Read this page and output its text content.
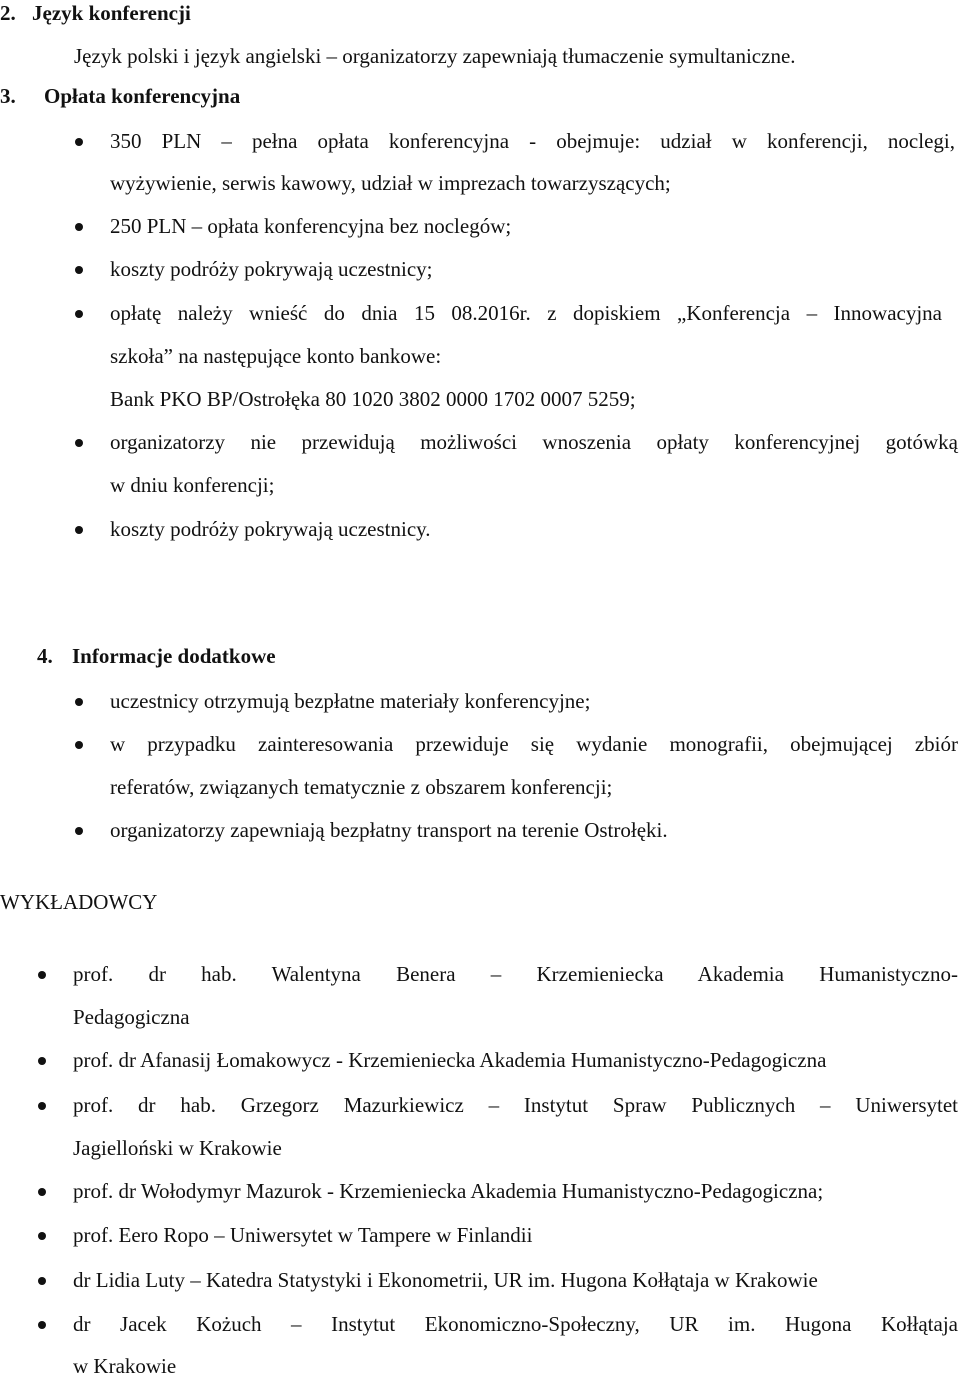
2. Język konferencji
Język polski i język angielski – organizatorzy zapewniają tłumaczenie symultaniczne.
3. Opłata konferencyjna
350 PLN – pełna opłata konferencyjna - obejmuje: udział w konferencji, noclegi,
wyżywienie, serwis kawowy, udział w imprezach towarzyszących;
250 PLN – opłata konferencyjna bez noclegów;
koszty podróży pokrywają uczestnicy;
opłatę należy wnieść do dnia 15 08.2016r. z dopiskiem „Konferencja – Innowacyjna
szkoła” na następujące konto bankowe:
Bank PKO BP/Ostrołęka 80 1020 3802 0000 1702 0007 5259;
organizatorzy nie przewidują możliwości wnoszenia opłaty konferencyjnej gotówką
w dniu konferencji;
koszty podróży pokrywają uczestnicy.
4. Informacje dodatkowe
uczestnicy otrzymują bezpłatne materiały konferencyjne;
w przypadku zainteresowania przewiduje się wydanie monografii, obejmującej zbiór
referatów, związanych tematycznie z obszarem konferencji;
organizatorzy zapewniają bezpłatny transport na terenie Ostrołęki.
WYKŁADOWCY
prof. dr hab. Walentyna Benera – Krzemieniecka Akademia Humanistyczno-
Pedagogiczna
prof. dr Afanasij Łomakowycz - Krzemieniecka Akademia Humanistyczno-Pedagogiczna
prof. dr hab. Grzegorz Mazurkiewicz – Instytut Spraw Publicznych – Uniwersytet
Jagielloński w Krakowie
prof. dr Wołodymyr Mazurok - Krzemieniecka Akademia Humanistyczno-Pedagogiczna;
prof. Eero Ropo – Uniwersytet w Tampere w Finlandii
dr Lidia Luty – Katedra Statystyki i Ekonometrii, UR im. Hugona Kołłątaja w Krakowie
dr Jacek Kożuch – Instytut Ekonomiczno-Społeczny, UR im. Hugona Kołłątaja
w Krakowie
